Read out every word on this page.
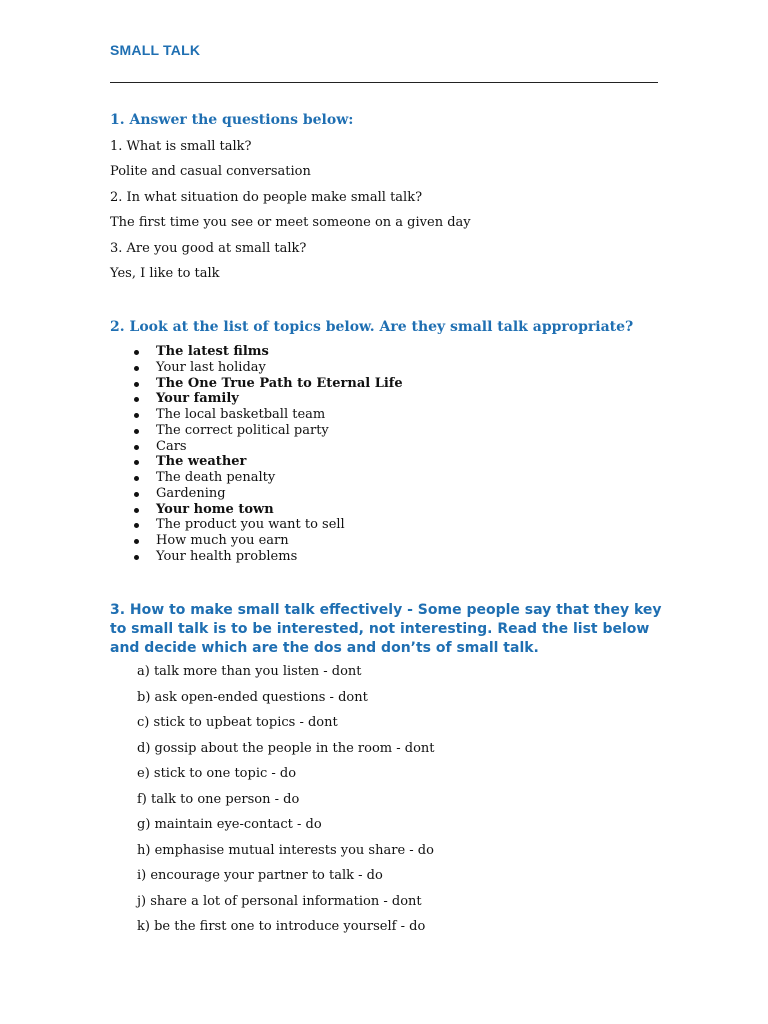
SMALL TALK
1. Answer the questions below:
1. What is small talk?
Polite and casual conversation
2. In what situation do people make small talk?
The first time you see or meet someone on a given day
3. Are you good at small talk?
Yes, I like to talk
2. Look at the list of topics below. Are they small talk appropriate?
The latest films
Your last holiday
The One True Path to Eternal Life
Your family
The local basketball team
The correct political party
Cars
The weather
The death penalty
Gardening
Your home town
The product you want to sell
How much you earn
Your health problems
3. How to make small talk effectively - Some people say that they key to small talk is to be interested, not interesting. Read the list below and decide which are the dos and don’ts of small talk.
a) talk more than you listen - dont
b) ask open-ended questions - dont
c) stick to upbeat topics - dont
d) gossip about the people in the room - dont
e) stick to one topic - do
f) talk to one person - do
g) maintain eye-contact - do
h) emphasise mutual interests you share - do
i) encourage your partner to talk - do
j) share a lot of personal information - dont
k) be the first one to introduce yourself - do
